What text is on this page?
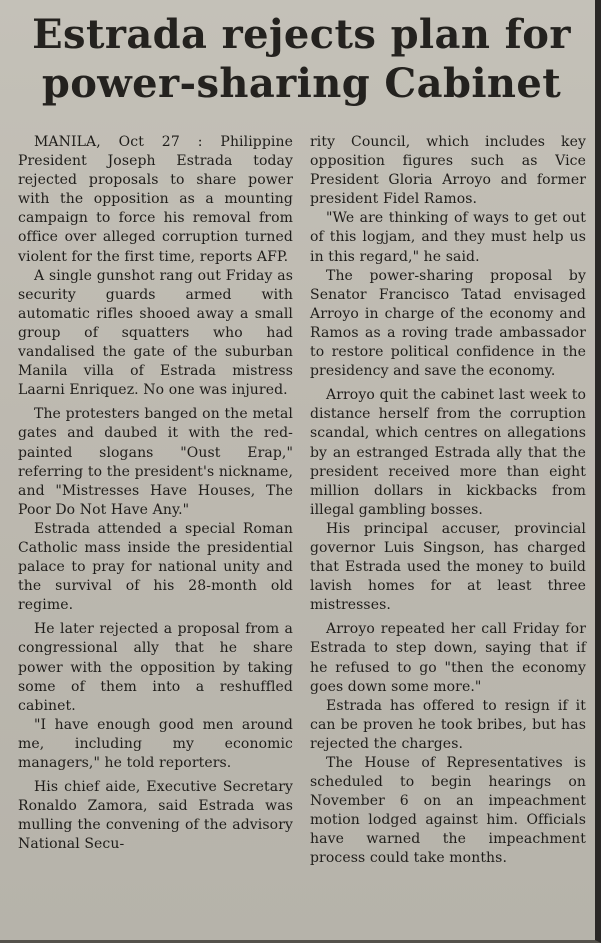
Estrada rejects plan for
power-sharing Cabinet

MANILA, Oct 27 : Philippine President Joseph Estrada today rejected proposals to share power with the opposition as a mounting campaign to force his removal from office over alleged corruption turned violent for the first time, reports AFP.

A single gunshot rang out Friday as security guards armed with automatic rifles shooed away a small group of squatters who had vandalised the gate of the suburban Manila villa of Estrada mistress Laarni Enriquez. No one was injured.

The protesters banged on the metal gates and daubed it with the red-painted slogans "Oust Erap," referring to the president's nickname, and "Mistresses Have Houses, The Poor Do Not Have Any."

Estrada attended a special Roman Catholic mass inside the presidential palace to pray for national unity and the survival of his 28-month old regime.

He later rejected a proposal from a congressional ally that he share power with the opposition by taking some of them into a reshuffled cabinet.

"I have enough good men around me, including my economic managers," he told reporters.

His chief aide, Executive Secretary Ronaldo Zamora, said Estrada was mulling the convening of the advisory National Secu-

rity Council, which includes key opposition figures such as Vice President Gloria Arroyo and former president Fidel Ramos.

"We are thinking of ways to get out of this logjam, and they must help us in this regard," he said.

The power-sharing proposal by Senator Francisco Tatad envisaged Arroyo in charge of the economy and Ramos as a roving trade ambassador to restore political confidence in the presidency and save the economy.

Arroyo quit the cabinet last week to distance herself from the corruption scandal, which centres on allegations by an estranged Estrada ally that the president received more than eight million dollars in kickbacks from illegal gambling bosses.

His principal accuser, provincial governor Luis Singson, has charged that Estrada used the money to build lavish homes for at least three mistresses.

Arroyo repeated her call Friday for Estrada to step down, saying that if he refused to go "then the economy goes down some more."

Estrada has offered to resign if it can be proven he took bribes, but has rejected the charges.

The House of Representatives is scheduled to begin hearings on November 6 on an impeachment motion lodged against him. Officials have warned the impeachment process could take months.
